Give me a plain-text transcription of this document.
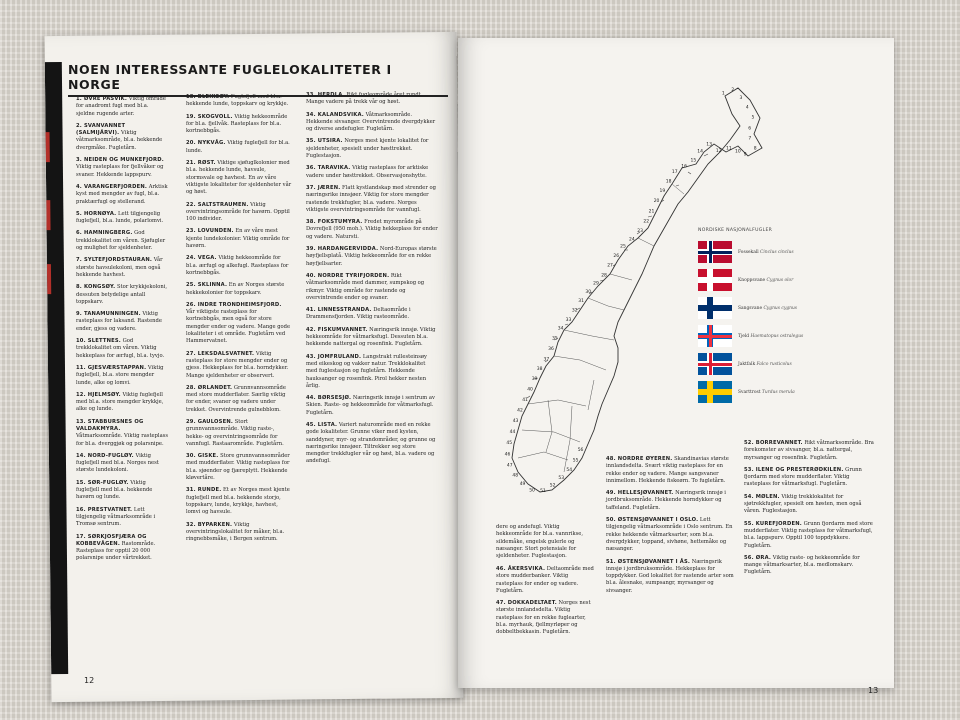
NOEN INTERESSANTE FUGLELOKALITETER I NORGE
1. ØVRE PASVIK. Viktig område for anadromt fugl med bl.a. sjeldne rugende arter.
2. SVANVANNET (SALMIJÄRVI). Viktig våtmarksområde, bl.a. hekkende dvergmåke. Fugletårn.
3. NEIDEN OG MUNKEFJORD. Viktig rasteplass for fjellvåker og svaner. Hekkende lappspurv.
4. VARANGERFJORDEN. Arktisk kyst med mengder av fugl, bl.a. praktærfugl og stellerand.
5. HORNØYA. Lett tilgjengelig fuglefjell, bl.a. lunde, polarlomvi.
6. HAMNINGBERG. God trekklokalitet om våren. Sjøfugler og mulighet for sjeldenheter.
7. SYLTEFJORDSTAURAN. Vår største havsulekoloni, men også hekkende havhest.
8. KONGSØY. Stor krykkjekoloni, dessuten betydelige antall toppskarv.
9. TANAMUNNINGEN. Viktig rasteplass for laksand. Rastende ender, gjess og vadere.
10. SLETTNES. God trekklokalitet om våren. Viktig hekkeplass for ærfugl, bl.a. tyvjo.
11. GJESVÆRSTAPPAN. Viktig fuglefjell, bl.a. store mengder lunde, alke og lomvi.
12. HJELMSØY. Viktig fuglefjell med bl.a. store mengder krykkje, alke og lunde.
13. STABBURSNES OG VALDAKMYRA. Våtmarksområde. Viktig rasteplass for bl.a. dverggjøk og polarsnipe.
14. NORD-FUGLØY. Viktig fuglefjell med bl.a. Norges nest største lundekoloni.
15. SØR-FUGLØY. Viktig fuglefjell med bl.a. hekkende havørn og lunde.
16. PRESTVATNET. Lett tilgjengelig våtmarksområde i Tromsø sentrum.
17. SØRKJOSFJÆRA OG KOBBEVÅGEN. Rastområde. Rasteplass for opptil 20 000 polarsnipe under vårtrekket.
18. BLEIKSØY. Fuglefjell med bl.a. hekkende lunde, toppskarv og krykkje.
19. SKOGVOLL. Viktig hekkeområde for bl.a. fjellvåk. Rasteplass for bl.a. kortnebbgås.
20. NYKVÅG. Viktig fuglefjell for bl.a. lunde.
21. RØST. Viktige sjøfuglkolonier med bl.a. hekkende lunde, havsule, stormsvale og havhest. En av våre viktigste lokaliteter for sjeldenheter vår og høst.
22. SALTSTRAUMEN. Viktig overvintringsområde for havørn. Opptil 100 individer.
23. LOVUNDEN. En av våre mest kjente lundekolonier. Viktig område for havørn.
24. VEGA. Viktig hekkeområde for bl.a. ærfugl og alkefugl. Rasteplass for kortnebbgås.
25. SKLINNA. En av Norges største hekkekolonier for toppskarv.
26. INDRE TRONDHEIMSFJORD. Vår viktigste rasteplass for kortnebbgås, men også for store mengder ender og vadere. Mange gode lokaliteter i et område. Fugletårn ved Hammervatnet.
27. LEKSDALSVATNET. Viktig rasteplass for store mengder ender og gjess. Hekkeplass for bl.a. horndykker. Mange sjeldenheter er observert.
28. ØRLANDET. Grunnvannsområde med store mudderflater. Særlig viktig for ender, svaner og vadere under trekket. Overvintrende gulnebblom.
29. GAULOSEN. Stort grunnvannsområde. Viktig raste-, hekke- og overvintringsområde for vannfugl. Rastaarområde. Fugletårn.
30. GISKE. Store grunnvannsområder med mudderflater. Viktig rasteplass for bl.a. sjøender og fjæreplytt. Hekkende kløvertåre.
31. RUNDE. Et av Norges mest kjente fuglefjell med bl.a. hekkende storjo, toppskarv, lunde, krykkje, havhest, lomvi og havsule.
32. BYPARKEN. Viktig overvintringslokalitet for måker, bl.a. ringnebbsmåke, i Bergen sentrum.
33. HERDLA. Rikt fugleområde året rundt. Mange vadere på trekk vår og høst.
34. KALANDSVIKA. Våtmarksområde. Hekkende sivsanger. Overvintrende dvergdykker og diverse andefugler. Fugletårn.
35. UTSIRA. Norges mest kjente lokalitet for sjeldenheter, spesielt under høsttrekket. Fuglestasjon.
36. TARAVIKA. Viktig rasteplass for arktiske vadere under høsttrekket. Observasjonshytte.
37. JÆREN. Flatt kystlandskap med strender og næringsrike innsjøer. Viktig for store mengder rastende trekkfugler, bl.a. vadere. Norges viktigste overvintringsområde for vannfugl.
38. FOKSTUMYRA. Fredet myrområde på Dovrefjell (950 moh.). Viktig hekkeplass for ender og vadere. Natursti.
39. HARDANGERVIDDA. Nord-Europas største høyfjellsplatå. Viktig hekkeområde for en rekke høyfjellsarter.
40. NORDRE TYRIFJORDEN. Rikt våtmarksområde med dammer, sumpskog og rikmyr. Viktig område for rastende og overvintrende ender og svaner.
41. LINNESSTRANDA. Deltaområde i Drammensfjorden. Viktig rasteområde.
42. FISKUMVANNET. Næringsrik innsjø. Viktig hekkeområde for våtmarksfugl. Dessuten bl.a. hekkende nattergal og rosenfink. Fugletårn.
43. JOMFRULAND. Langstrakt rullesteinsøy med eikeskog og vakker natur. Trekklokalitet med fuglestasjon og fugletårn. Hekkende hauksanger og rosenfink. Pirol hekker nesten årlig.
44. BØRSESJØ. Næringsrik innsjø i sentrum av Skien. Raste- og hekkeområde for våtmarksfugl. Fugletårn.
45. LISTA. Variert naturområde med en rekke gode lokaliteter. Grunne viker med kysten, sanddyner, myr- og strandområder, og grunne og næringsrike innsjøer. Tiltrekker seg store mengder trekkfugler vår og høst, bl.a. vadere og andefugl.
12
1
2
3
4
5
6
7
8
9
10
11
12
13
14
15
16
17
18
19
20
21
22
23
24
25
26
27
28
29
30
31
32
33
34
35
36
37
38
39
40
41
42
43
44
45
46
47
48
49
50 51
52
53
54
55
56
NORDISKE NASJONALFUGLER
Fossekall Cinclus cinclus
Knoppsvane Cygnus olor
Sangsvane Cygnus cygnus
Tjeld Haematopus ostralegus
Jaktfalk Falco rusticolus
Svarttrost Turdus merula
dere og andefugl. Viktig hekkeområde for bl.a. vannrikse, sildemåke, engelsk gulerle og næsanger. Stort potensiale for sjeldenheter. Fuglestasjon.
46. ÅKERSVIKA. Deltaområde med store mudderbanker. Viktig rasteplass for ender og vadere. Fugletårn.
47. DOKKADELTAET. Norges nest største innlandsdelta. Viktig rasteplass for en rekke fuglearter, bl.a. myrhauk, fjellmyrløper og dobbeltbekkasin. Fugletårn.
48. NORDRE ØYEREN. Skandinavias største innlandsdelta. Svært viktig rasteplass for en rekke ender og vadere. Mange sangsvaner innimellom. Hekkende fiskeørn. To fugletårn.
49. HELLESJØVANNET. Næringsrik innsjø i jordbruksområde. Hekkende horndykker og taffeland. Fugletårn.
50. ØSTENSJØVANNET I OSLO. Lett tilgjengelig våtmarksområde i Oslo sentrum. En rekke hekkende våtmarksarter, som bl.a. dvergdykker, toppand, sivhøne, hettemåke og næsanger.
51. ØSTENSJØVANNET I ÅS. Næringsrik innsjø i jordbruksområde. Hekkeplass for toppdykker. God lokalitet for rastende arter som bl.a. ålesnake, sumpsangr, myrsanger og sivsanger.
52. BORREVANNET. Rikt våtmarksområde. Bra forekomster av sivsanger, bl.a. nattergal, myrsanger og rosenfink. Fugletårn.
53. ILENE OG PRESTERØDKILEN. Grunn fjordarm med store mudderflater. Viktig rasteplass for våtmarksfugl. Fugletårn.
54. MØLEN. Viktig trekklokalitet for sjøtrekkfugler, spesielt om høsten, men også våren. Fuglestasjon.
55. KUREFJORDEN. Grunn fjordarm med store mudderflater. Viktig rasteplass for våtmarksfugl, bl.a. lappspurv. Opptil 100 toppdykkere. Fugletårn.
56. ØRA. Viktig raste- og hekkeområde for mange våtmarksarter, bl.a. medlomskarv. Fugletårn.
13
